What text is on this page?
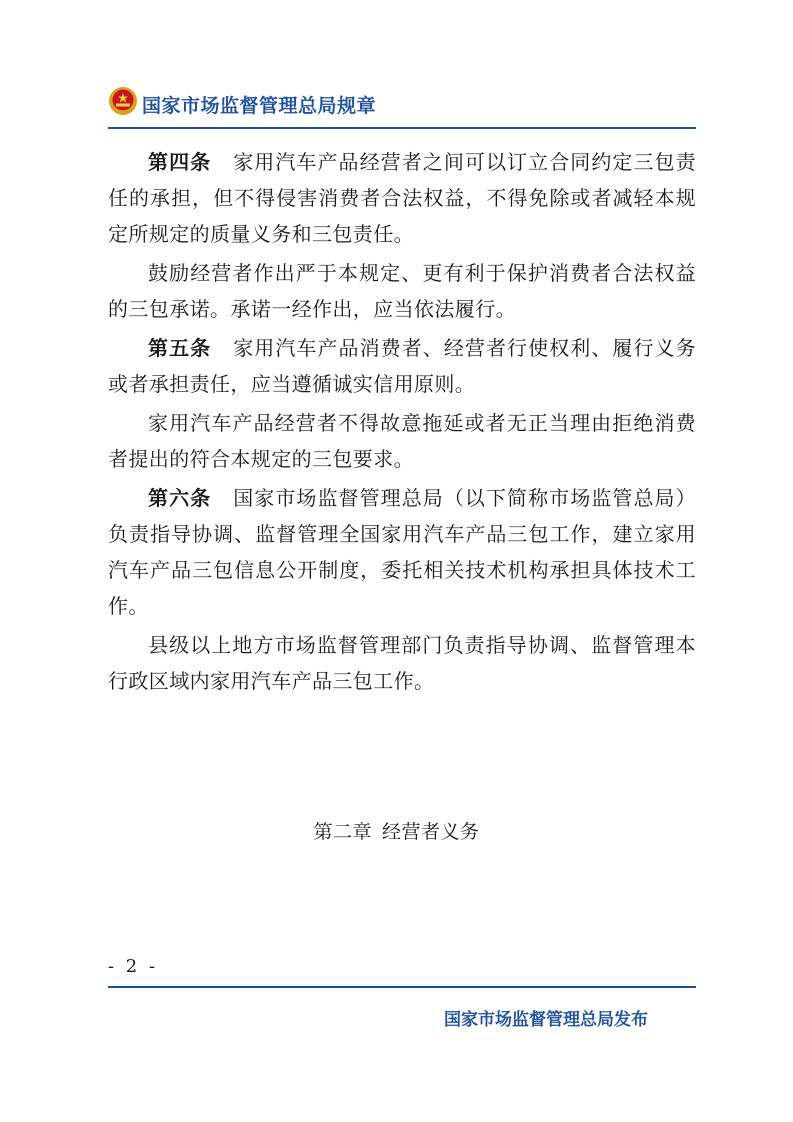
国家市场监督管理总局规章

第四条 家用汽车产品经营者之间可以订立合同约定三包责任的承担，但不得侵害消费者合法权益，不得免除或者减轻本规定所规定的质量义务和三包责任。

鼓励经营者作出严于本规定、更有利于保护消费者合法权益的三包承诺。承诺一经作出，应当依法履行。

第五条 家用汽车产品消费者、经营者行使权利、履行义务或者承担责任，应当遵循诚实信用原则。

家用汽车产品经营者不得故意拖延或者无正当理由拒绝消费者提出的符合本规定的三包要求。

第六条 国家市场监督管理总局（以下简称市场监管总局）负责指导协调、监督管理全国家用汽车产品三包工作，建立家用汽车产品三包信息公开制度，委托相关技术机构承担具体技术工作。

县级以上地方市场监督管理部门负责指导协调、监督管理本行政区域内家用汽车产品三包工作。

第二章 经营者义务
- 2 -
国家市场监督管理总局发布
